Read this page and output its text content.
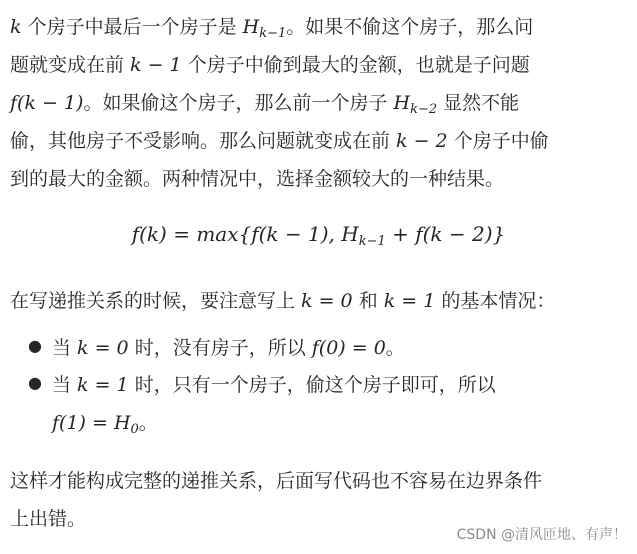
k 个房子中最后一个房子是 $H_{k-1}$。如果不偷这个房子，那么问
题就变成在前 k − 1 个房子中偷到最大的金额，也就是子问题
f(k − 1)。如果偷这个房子，那么前一个房子 $H_{k-2}$ 显然不能
偷，其他房子不受影响。那么问题就变成在前 k − 2 个房子中偷
到的最大的金额。两种情况中，选择金额较大的一种结果。
f(k) = max{f(k − 1), $H_{k-1} + f(k - 2)$}
在写递推关系的时候，要注意写上 k = 0 和 k = 1 的基本情况：
● 当 k = 0 时，没有房子，所以 f(0) = 0。
● 当 k = 1 时，只有一个房子，偷这个房子即可，所以
$f(1) = H_0$。
这样才能构成完整的递推关系，后面写代码也不容易在边界条件
上出错。
CSDN @清风匝地、有声！
